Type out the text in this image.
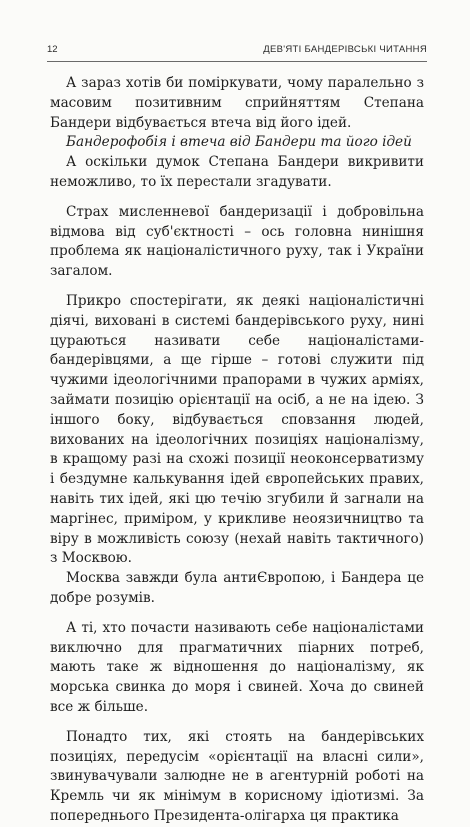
12	ДЕВ'ЯТІ БАНДЕРІВСЬКІ ЧИТАННЯ

А зараз хотів би поміркувати, чому паралельно з масовим позитивним сприйняттям Степана Бандери відбувається втеча від його ідей.

Бандерофобія і втеча від Бандери та його ідей

А оскільки думок Степана Бандери викривити неможливо, то їх перестали згадувати.

Страх мисленневої бандеризації і добровільна відмова від суб'єктності – ось головна нинішня проблема як націоналістичного руху, так і України загалом.

Прикро спостерігати, як деякі націоналістичні діячі, виховані в системі бандерівського руху, нині цураються називати себе націоналістами-бандерівцями, а ще гірше – готові служити під чужими ідеологічними прапорами в чужих арміях, займати позицію орієнтації на осіб, а не на ідею. З іншого боку, відбувається сповзання людей, вихованих на ідеологічних позиціях націоналізму, в кращому разі на схожі позиції неоконсерватизму і бездумне калькування ідей європейських правих, навіть тих ідей, які цю течію згубили й загнали на маргінес, приміром, у крикливе неоязичництво та віру в можливість союзу (нехай навіть тактичного) з Москвою.

Москва завжди була антиЄвропою, і Бандера це добре розумів.

А ті, хто почасти називають себе націоналістами виключно для прагматичних піарних потреб, мають таке ж відношення до націоналізму, як морська свинка до моря і свиней. Хоча до свиней все ж більше.

Понадто тих, які стоять на бандерівських позиціях, передусім «орієнтації на власні сили», звинувачували залюдне не в агентурній роботі на Кремль чи як мінімум в корисному ідіотизмі. За попереднього Президента-олігарха ця практика
